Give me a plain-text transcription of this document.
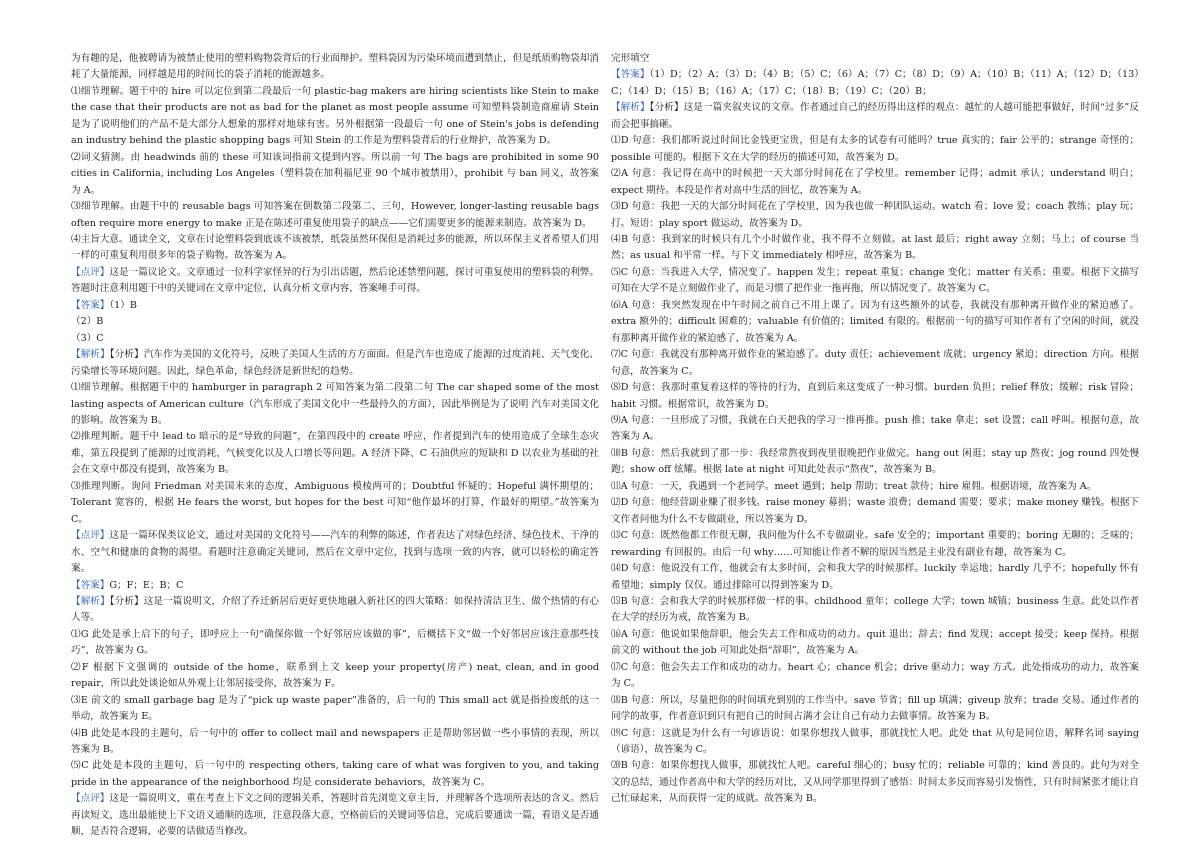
为有趣的是，他被聘请为被禁止使用的塑料购物袋背后的行业面辩护。塑料袋因为污染环境而遭到禁止，但是纸质购物袋却消耗了大量能源，同样越是用的时间长的袋子消耗的能源越多。

⑴细节理解。题干中的 hire 可以定位到第二段最后一句 plastic-bag makers are hiring scientists like Stein to make the case that their products are not as bad for the planet as most people assume 可知塑料袋制造商雇请 Stein 是为了说明他们的产品不是大部分人想象的那样对地球有害。另外根据第一段最后一句 one of Stein's jobs is defending an industry behind the plastic shopping bags 可知 Stein 的工作是为塑料袋背后的行业辩护，故答案为 D。

⑵词义猜测。由 headwinds 前的 these 可知该词指前文提到内容。所以前一句 The bags are prohibited in some 90 cities in California, including Los Angeles（塑料袋在加利福尼亚 90 个城市被禁用），prohibit 与 ban 同义，故答案为 A。

⑶细节理解。由题干中的 reusable bags 可知答案在倒数第二段第二、三句，However, longer-lasting reusable bags often require more energy to make 正是在陈述可重复使用袋子的缺点——它们需要更多的能源来制造。故答案为 D。

⑷主旨大意。通读全文，文章在讨论塑料袋到底该不该被禁，纸袋虽然环保但是消耗过多的能源，所以环保主义者希望人们用一样的可重复利用很多年的袋子购物。故答案为 A。

【点评】这是一篇议论文。文章通过一位科学家怪异的行为引出话题，然后论述禁塑问题，探讨可重复使用的塑料袋的利弊。答题时注意利用题干中的关键词在文章中定位，认真分析文章内容，答案唾手可得。

【答案】（1）B

（2）B

（3）C

【解析】【分析】汽车作为美国的文化符号，反映了美国人生活的方方面面。但是汽车也造成了能源的过度消耗、天气变化、污染增长等环境问题。因此，绿色革命，绿色经济是新世纪的趋势。

⑴细节理解。根据题干中的 hamburger in paragraph 2 可知答案为第二段第二句 The car shaped some of the most lasting aspects of American culture（汽车形成了美国文化中一些最持久的方面），因此举例是为了说明 汽车对美国文化的影响。故答案为 B。

⑵推理判断。题干中 lead to 暗示的是“导致的问题”，在第四段中的 create 呼应，作者提到汽车的使用造成了全球生态灾难，第五段提到了能源的过度消耗、气候变化以及人口增长等问题。A 经济下降、C 石油供应的短缺和 D 以农业为基础的社会在文章中都没有提到，故答案为 B。

⑶推理判断。询问 Friedman 对美国未来的态度，Ambiguous 模棱两可的；Doubtful 怀疑的；Hopeful 满怀期望的；Tolerant 宽容的，根据 He fears the worst, but hopes for the best 可知“他作最坏的打算，作最好的期望。”故答案为 C。

【点评】这是一篇环保类议论文，通过对美国的文化符号——汽车的利弊的陈述，作者表达了对绿色经济、绿色技术、干净的水、空气和健康的食物的渴望。看题时注意确定关键词，然后在文章中定位，找到与选项一致的内容，就可以轻松的确定答案。

【答案】G；F；E；B；C

【解析】【分析】这是一篇说明文，介绍了乔迁新居后更好更快地融入新社区的四大策略：如保持清洁卫生、做个热情的有心人等。

⑴G 此处是承上启下的句子，即呼应上一句“确保你做一个好邻居应该做的事”，后概括下文“做一个好邻居应该注意那些技巧”，故答案为 G。

⑵F 根据下文强调的 outside of the home，联系到上文 keep your property(房产) neat, clean, and in good repair，所以此处谈论如从外观上让邻居接受你，故答案为 F。

⑶E 前文的 small garbage bag 是为了“pick up waste paper”准备的，后一句的 This small act 就是指捡废纸的这一举动，故答案为 E。

⑷B 此处是本段的主题句，后一句中的 offer to collect mail and newspapers 正是帮助邻居做一些小事情的表现，所以答案为 B。

⑸C 此处是本段的主题句，后一句中的 respecting others, taking care of what was forgiven to you, and taking pride in the appearance of the neighborhood 均是 considerate behaviors，故答案为 C。

【点评】这是一篇说明文，重在考查上下文之间的逻辑关系，答题时首先浏览文章主旨，并理解各个选项所表达的含义。然后再读短文，选出最能使上下文语义通顺的选项，注意段落大意，空格前后的关键词等信息，完成后要通读一篇，看语义是否通顺，是否符合逻辑，必要的话做适当修改。

完形填空

【答案】（1）D；（2）A；（3）D；（4）B；（5）C；（6）A；（7）C；（8）D；（9）A；（10）B；（11）A；（12）D；（13）C；（14）D；（15）B；（16）A；（17）C；（18）B；（19）C；（20）B；

【解析】【分析】这是一篇夹叙夹议的文章。作者通过自己的经历得出这样的观点：越忙的人越可能把事做好，时间“过多”反而会把事搞砸。

⑴D 句意：我们都听说过时间比金钱更宝贵，但是有太多的试卷有可能吗？true 真实的；fair 公平的；strange 奇怪的；possible 可能的。根据下文在大学的经历的描述可知，故答案为 D。

⑵A 句意：我记得在高中的时候把一天大部分时间花在了学校里。remember 记得；admit 承认；understand 明白；expect 期待。本段是作者对高中生活的回忆，故答案为 A。

⑶D 句意：我把一天的大部分时间花在了学校里，因为我也做一种团队运动。watch 看；love 爱；coach 教练；play 玩；打。短语：play sport 做运动，故答案为 D。

⑷B 句意：我到家的时候只有几个小时做作业，我不得不立刻做。at last 最后；right away 立刻；马上；of course 当然；as usual 和平常一样。与下文 immediately 相呼应，故答案为 B。

⑸C 句意：当我进入大学，情况变了。happen 发生；repeat 重复；change 变化；matter 有关系；重要。根据下文描写可知在大学不是立刻做作业了，而是习惯了把作业一拖再拖，所以情况变了。故答案为 C。

⑹A 句意：我突然发现在中午时间之前自己不用上课了。因为有这些额外的试卷，我就没有那种离开做作业的紧迫感了。extra 额外的；difficult 困难的；valuable 有价值的；limited 有限的。根据前一句的描写可知作者有了空闲的时间，就没有那种离开做作业的紧迫感了，故答案为 A。

⑺C 句意：我就没有那种离开做作业的紧迫感了。duty 责任；achievement 成就；urgency 紧迫；direction 方向。根据句意，故答案为 C。

⑻D 句意：我那时重复着这样的等待的行为，直到后来这变成了一种习惯。burden 负担；relief 释放；缓解；risk 冒险；habit 习惯。根据常识，故答案为 D。

⑼A 句意：一旦形成了习惯，我就在白天把我的学习一推再推。push 推；take 拿走；set 设置；call 呼叫。根据句意，故答案为 A。

⑽B 句意：然后我就到了那一步：我经常熬夜到夜里很晚把作业做完。hang out 闲逛；stay up 熬夜；jog round 四处慢跑；show off 炫耀。根据 late at night 可知此处表示“熬夜”，故答案为 B。

⑾A 句意：一天，我遇到一个老同学。meet 遇到；help 帮助；treat 款待；hire 雇佣。根据语境，故答案为 A。

⑿D 句意：他经营副业赚了很多钱。raise money 募捐；waste 浪费；demand 需要；要求；make money 赚钱。根据下文作者问他为什么不专做副业，所以答案为 D。

⒀C 句意：既然他都工作很无聊，我问他为什么不专做副业。safe 安全的；important 重要的；boring 无聊的；乏味的；rewarding 有回报的。由后一句 why……可知能让作者不解的原因当然是主业没有副业有趣，故答案为 C。

⒁D 句意：他说没有工作，他就会有太多时间，会和我大学的时候那样。luckily 幸运地；hardly 几乎不；hopefully 怀有希望地；simply 仅仅。通过排除可以得到答案为 D。

⒂B 句意：会和我大学的时候那样做一样的事。childhood 童年；college 大学；town 城镇；business 生意。此处以作者在大学的经历为戒，故答案为 B。

⒃A 句意：他说如果他辞职，他会失去工作和成功的动力。quit 退出；辞去；find 发现；accept 接受；keep 保持。根据前文的 without the job 可知此处指“辞职”，故答案为 A。

⒄C 句意：他会失去工作和成功的动力。heart 心；chance 机会；drive 驱动力；way 方式。此处指成功的动力，故答案为 C。

⒅B 句意：所以，尽量把你的时间填充到别的工作当中。save 节省；fill up 填满；giveup 放弃；trade 交易。通过作者的同学的故事，作者意识到只有把自己的时间占满才会让自己有动力去做事情。故答案为 B。

⒆C 句意：这就是为什么有一句谚语说：如果你想找人做事，那就找忙人吧。此处 that 从句是同位语，解释名词 saying（谚语），故答案为 C。

⒇B 句意：如果你想找人做事，那就找忙人吧。careful 细心的；busy 忙的；reliable 可靠的；kind 善良的。此句为对全文的总结，通过作者高中和大学的经历对比，又从同学那里得到了感悟：时间太多反而容易引发惰性，只有时间紧张才能让自己忙碌起来，从而获得一定的成就。故答案为 B。
